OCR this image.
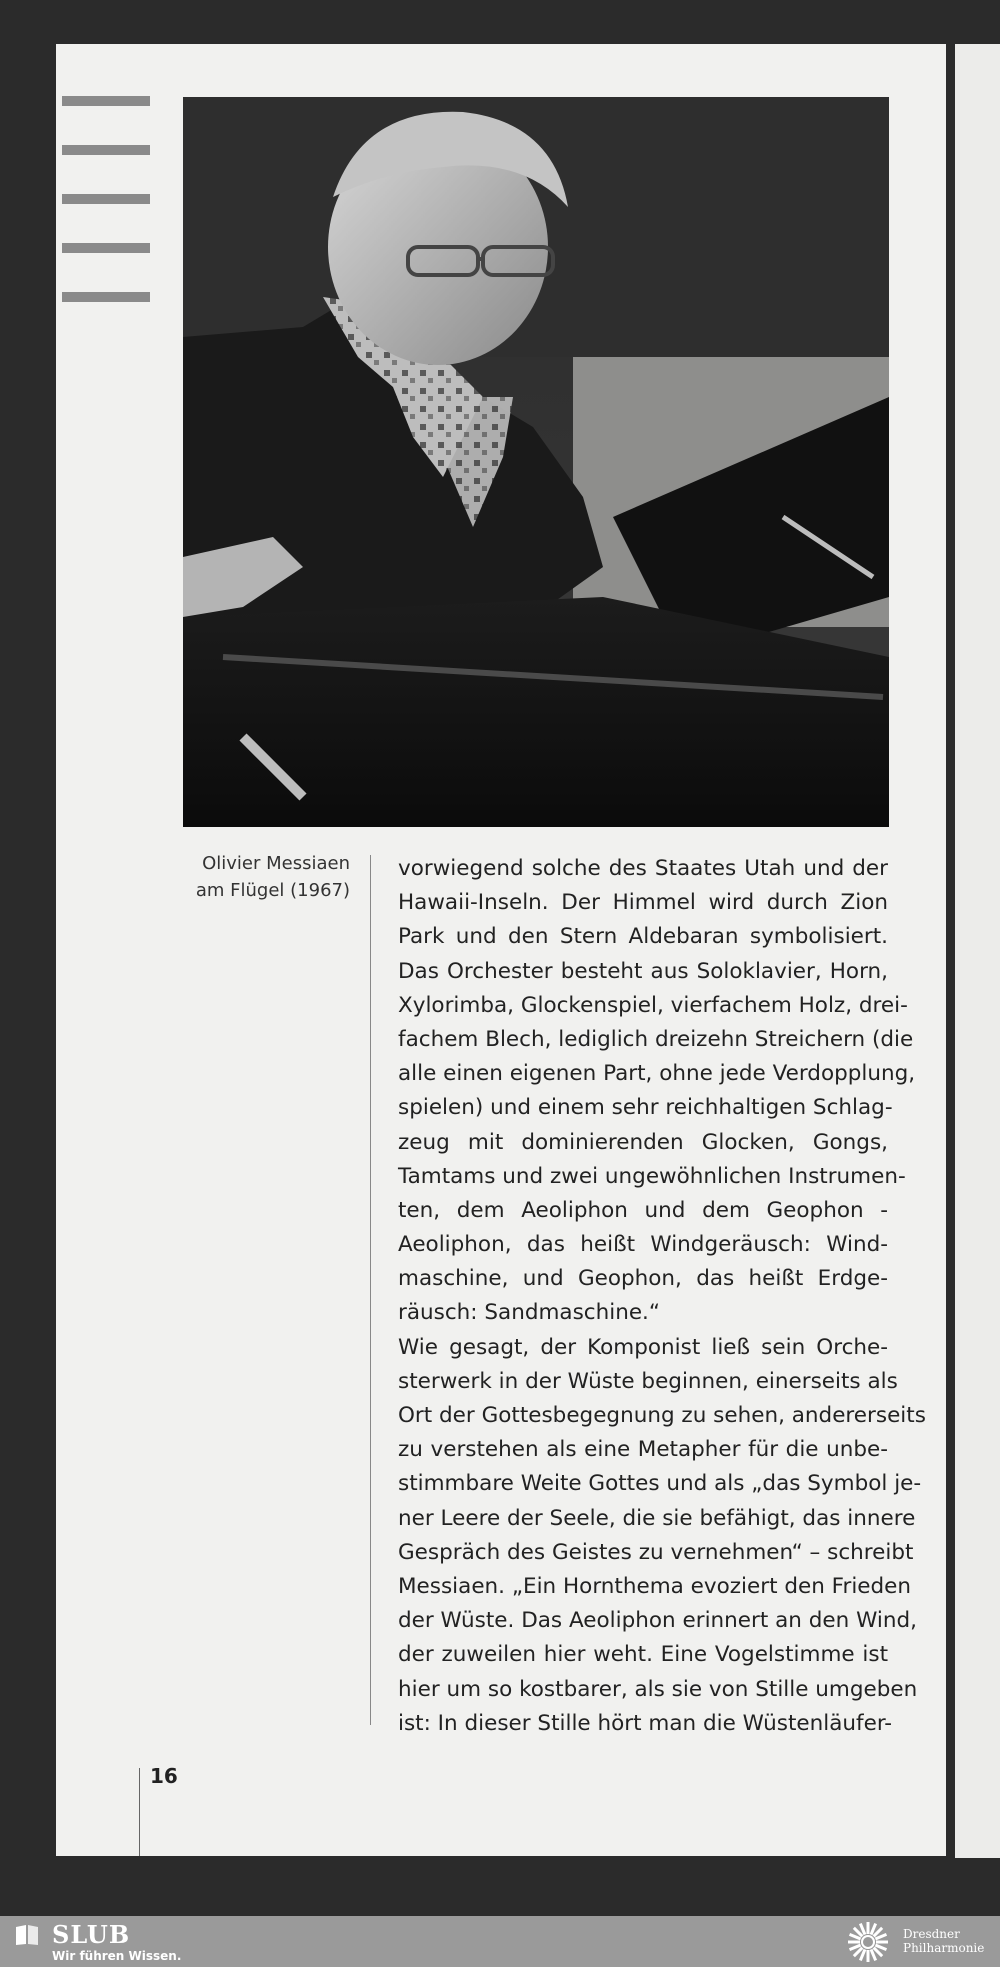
Olivier Messiaen
am Flügel (1967)
vorwiegend solche des Staates Utah und der
Hawaii-Inseln. Der Himmel wird durch Zion
Park und den Stern Aldebaran symbolisiert.
Das Orchester besteht aus Soloklavier, Horn,
Xylorimba, Glockenspiel, vierfachem Holz, drei-
fachem Blech, lediglich dreizehn Streichern (die
alle einen eigenen Part, ohne jede Verdopplung,
spielen) und einem sehr reichhaltigen Schlag-
zeug mit dominierenden Glocken, Gongs,
Tamtams und zwei ungewöhnlichen Instrumen-
ten, dem Aeoliphon und dem Geophon -
Aeoliphon, das heißt Windgeräusch: Wind-
maschine, und Geophon, das heißt Erdge-
räusch: Sandmaschine.“
Wie gesagt, der Komponist ließ sein Orche-
sterwerk in der Wüste beginnen, einerseits als
Ort der Gottesbegegnung zu sehen, andererseits
zu verstehen als eine Metapher für die unbe-
stimmbare Weite Gottes und als „das Symbol je-
ner Leere der Seele, die sie befähigt, das innere
Gespräch des Geistes zu vernehmen“ – schreibt
Messiaen. „Ein Hornthema evoziert den Frieden
der Wüste. Das Aeoliphon erinnert an den Wind,
der zuweilen hier weht. Eine Vogelstimme ist
hier um so kostbarer, als sie von Stille umgeben
ist: In dieser Stille hört man die Wüstenläufer-
16
SLUB
Wir führen Wissen.
Dresdner
Philharmonie
